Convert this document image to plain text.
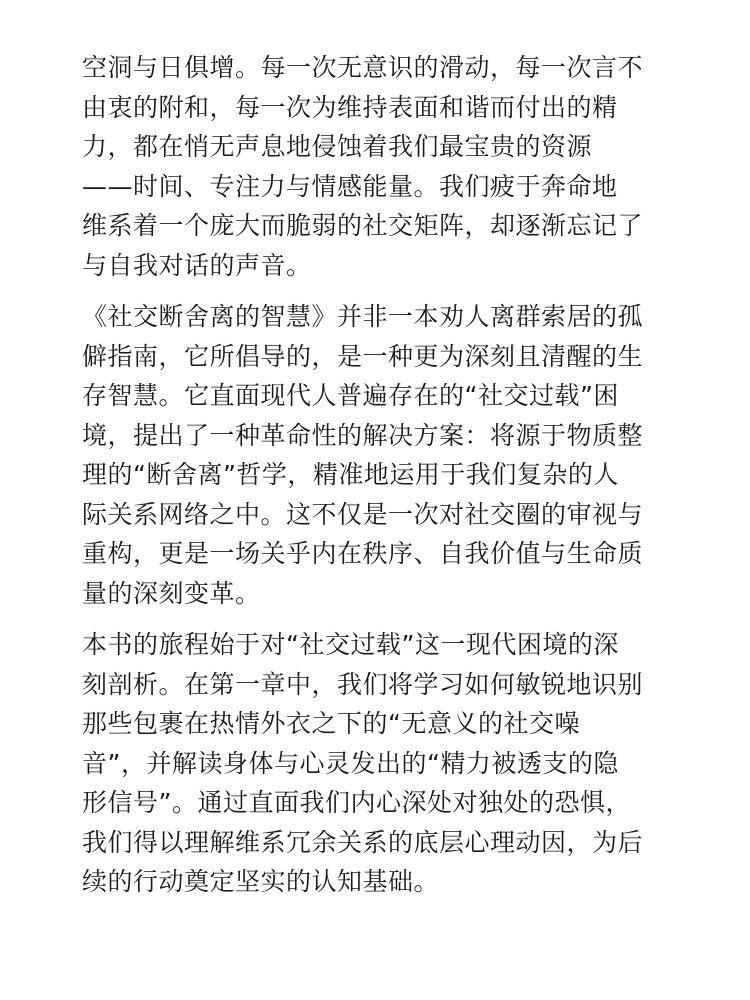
空洞与日俱增。每一次无意识的滑动，每一次言不
由衷的附和，每一次为维持表面和谐而付出的精
力，都在悄无声息地侵蚀着我们最宝贵的资源
——时间、专注力与情感能量。我们疲于奔命地
维系着一个庞大而脆弱的社交矩阵，却逐渐忘记了
与自我对话的声音。
《社交断舍离的智慧》并非一本劝人离群索居的孤
僻指南，它所倡导的，是一种更为深刻且清醒的生
存智慧。它直面现代人普遍存在的“社交过载”困
境，提出了一种革命性的解决方案：将源于物质整
理的“断舍离”哲学，精准地运用于我们复杂的人
际关系网络之中。这不仅是一次对社交圈的审视与
重构，更是一场关乎内在秩序、自我价值与生命质
量的深刻变革。
本书的旅程始于对“社交过载”这一现代困境的深
刻剖析。在第一章中，我们将学习如何敏锐地识别
那些包裹在热情外衣之下的“无意义的社交噪
音”，并解读身体与心灵发出的“精力被透支的隐
形信号”。通过直面我们内心深处对独处的恐惧，
我们得以理解维系冗余关系的底层心理动因，为后
续的行动奠定坚实的认知基础。
